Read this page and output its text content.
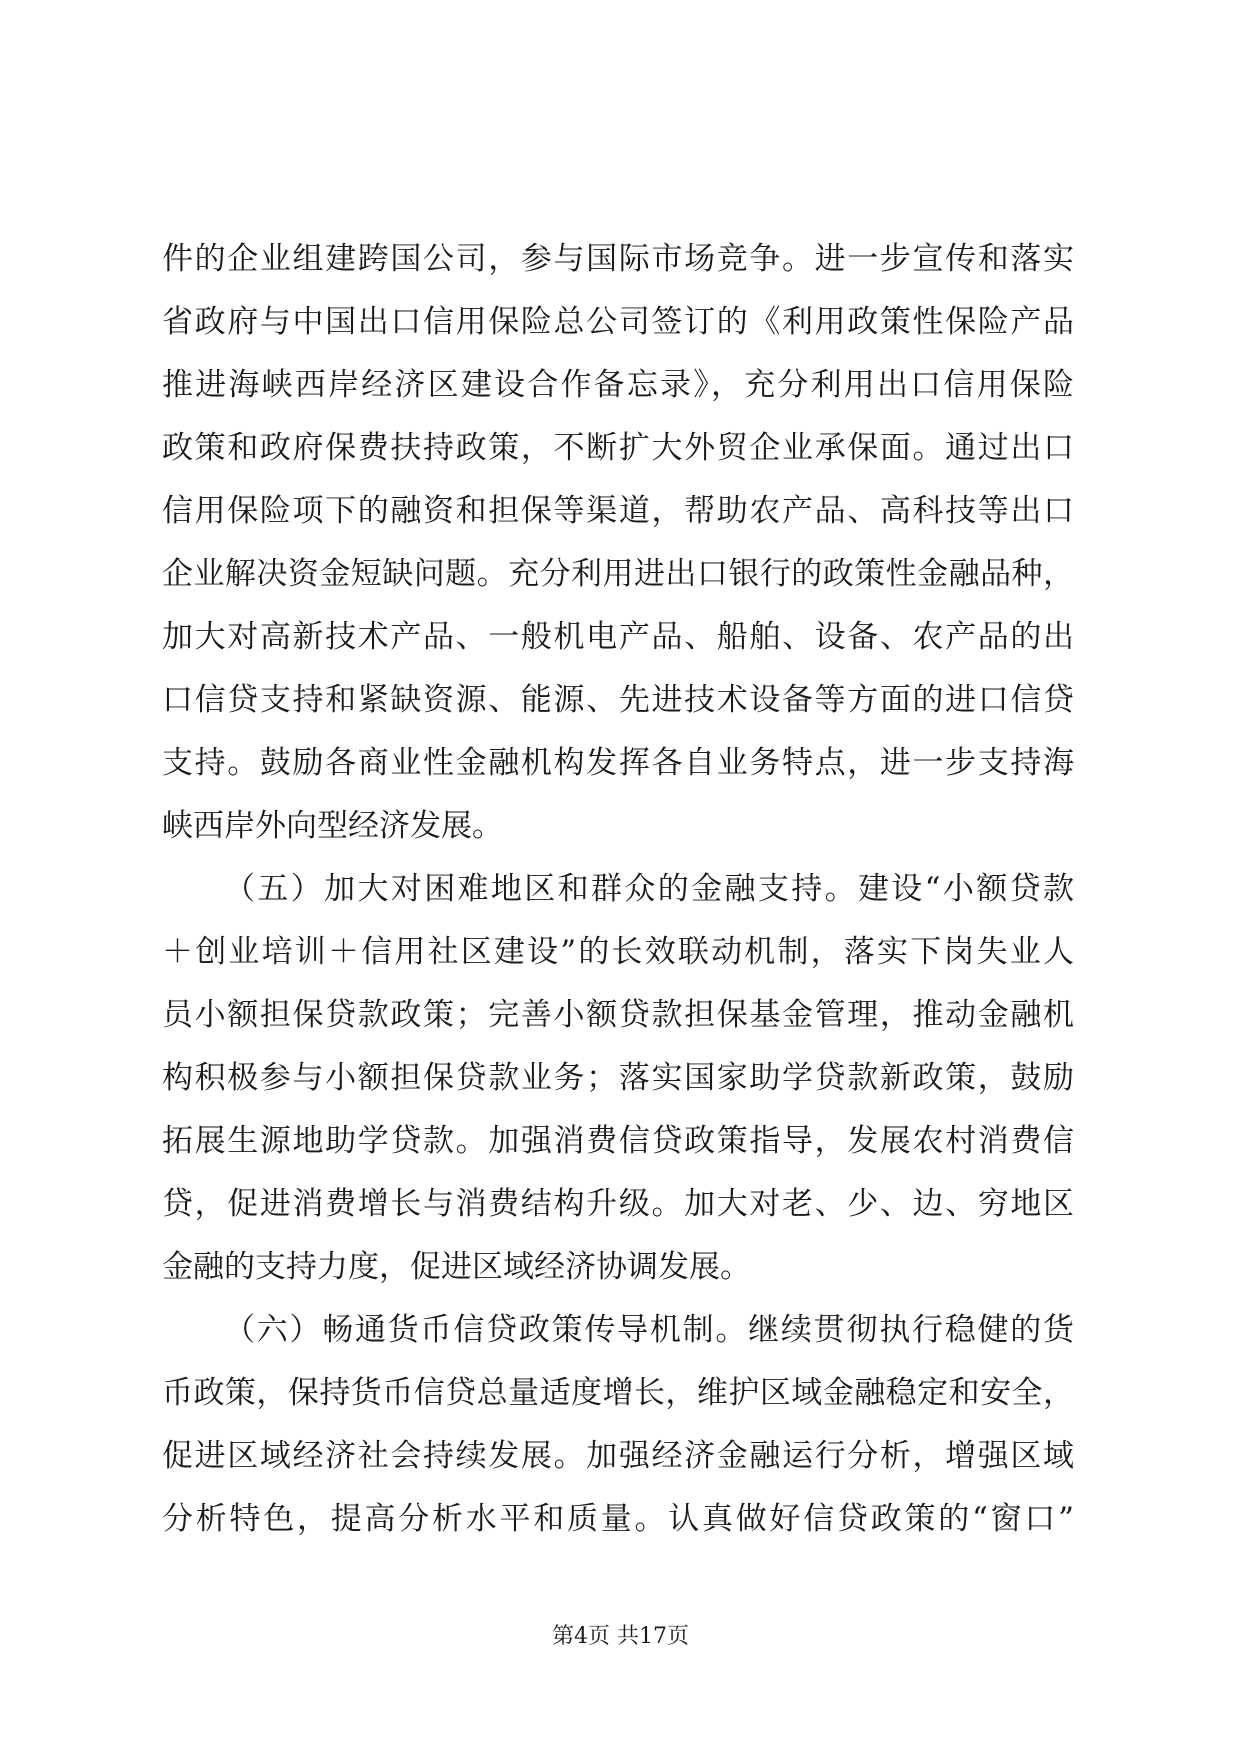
件的企业组建跨国公司，参与国际市场竞争。进一步宣传和落实
省政府与中国出口信用保险总公司签订的《利用政策性保险产品
推进海峡西岸经济区建设合作备忘录》，充分利用出口信用保险
政策和政府保费扶持政策，不断扩大外贸企业承保面。通过出口
信用保险项下的融资和担保等渠道，帮助农产品、高科技等出口
企业解决资金短缺问题。充分利用进出口银行的政策性金融品种，
加大对高新技术产品、一般机电产品、船舶、设备、农产品的出
口信贷支持和紧缺资源、能源、先进技术设备等方面的进口信贷
支持。鼓励各商业性金融机构发挥各自业务特点，进一步支持海
峡西岸外向型经济发展。
（五）加大对困难地区和群众的金融支持。建设“小额贷款
＋创业培训＋信用社区建设”的长效联动机制，落实下岗失业人
员小额担保贷款政策；完善小额贷款担保基金管理，推动金融机
构积极参与小额担保贷款业务；落实国家助学贷款新政策，鼓励
拓展生源地助学贷款。加强消费信贷政策指导，发展农村消费信
贷，促进消费增长与消费结构升级。加大对老、少、边、穷地区
金融的支持力度，促进区域经济协调发展。
（六）畅通货币信贷政策传导机制。继续贯彻执行稳健的货
币政策，保持货币信贷总量适度增长，维护区域金融稳定和安全，
促进区域经济社会持续发展。加强经济金融运行分析，增强区域
分析特色，提高分析水平和质量。认真做好信贷政策的“窗口”
第4页 共17页
